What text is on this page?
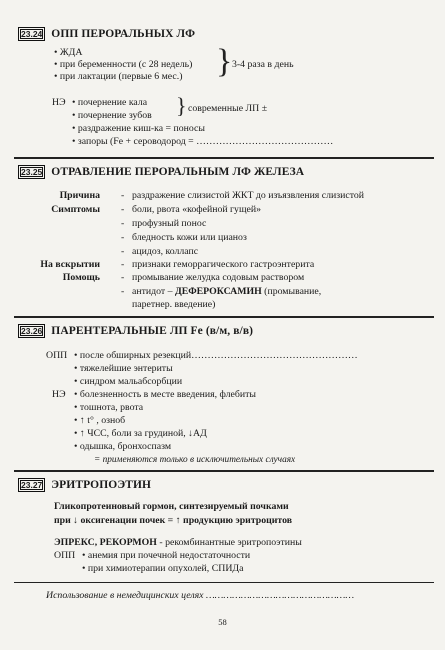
23.24 ОПП ПЕРОРАЛЬНЫХ ЛФ
• ЖДА
• при беременности (с 28 недель)
• при лактации (первые 6 мес.) } 3-4 раза в день
НЭ • почернение кала
• почернение зубов } современные ЛП ±
• раздражение киш-ка = поносы
• запоры (Fe + сероводород = ……………………………………
23.25 ОТРАВЛЕНИЕ ПЕРОРАЛЬНЫМ ЛФ ЖЕЛЕЗА
Причина - раздражение слизистой ЖКТ до изъязвления слизистой
Симптомы - боли, рвота «кофейной гущей»
- профузный понос
- бледность кожи или цианоз
- ацидоз, коллапс
На вскрытии - признаки геморрагического гастроэнтерита
Помощь - промывание желудка содовым раствором
- антидот – ДЕФЕРОКСАМИН (промывание,
паретнер. введение)
23.26 ПАРЕНТЕРАЛЬНЫЕ ЛП Fe (в/м, в/в)
ОПП • после обширных резекций……………………………………………
• тяжелейшие энтериты
• синдром мальабсорбции
НЭ • болезненность в месте введения, флебиты
• тошнота, рвота
• ↑ t° , озноб
• ↑ ЧСС, боли за грудиной, ↓АД
• одышка, бронхоспазм
= применяются только в исключительных случаях
23.27 ЭРИТРОПОЭТИН
Гликопротеиновый гормон, синтезируемый почками
при ↓ оксигенации почек = ↑ продукцию эритроцитов
ЭПРЕКС, РЕКОРМОН - рекомбинантные эритропоэтины
ОПП • анемия при почечной недостаточности
• при химиотерапии опухолей, СПИДа
Использование в немедицинских целях ……………………………………………
58
